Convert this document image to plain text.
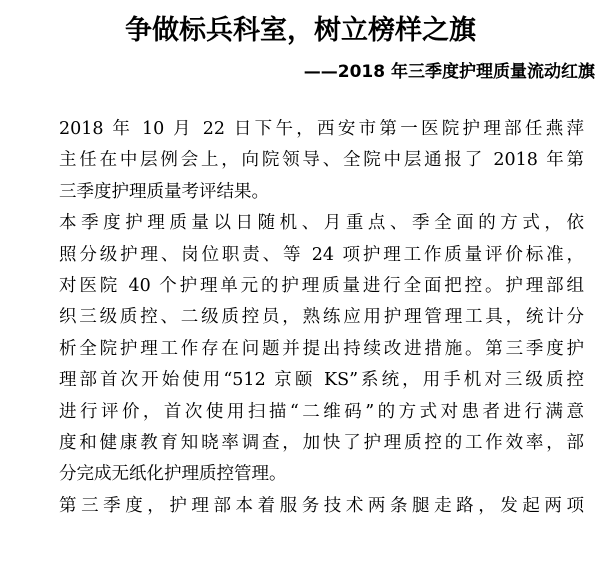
争做标兵科室，树立榜样之旗
——2018 年三季度护理质量流动红旗

2018 年 10 月 22 日下午，西安市第一医院护理部任燕萍
主任在中层例会上，向院领导、全院中层通报了 2018 年第
三季度护理质量考评结果。

本季度护理质量以日随机、月重点、季全面的方式，依
照分级护理、岗位职责、等 24 项护理工作质量评价标准，
对医院 40 个护理单元的护理质量进行全面把控。护理部组
织三级质控、二级质控员，熟练应用护理管理工具，统计分
析全院护理工作存在问题并提出持续改进措施。第三季度护
理部首次开始使用“512 京颐 KS”系统，用手机对三级质控
进行评价，首次使用扫描“二维码”的方式对患者进行满意
度和健康教育知晓率调查，加快了护理质控的工作效率，部
分完成无纸化护理质控管理。

第三季度，护理部本着服务技术两条腿走路，发起两项
